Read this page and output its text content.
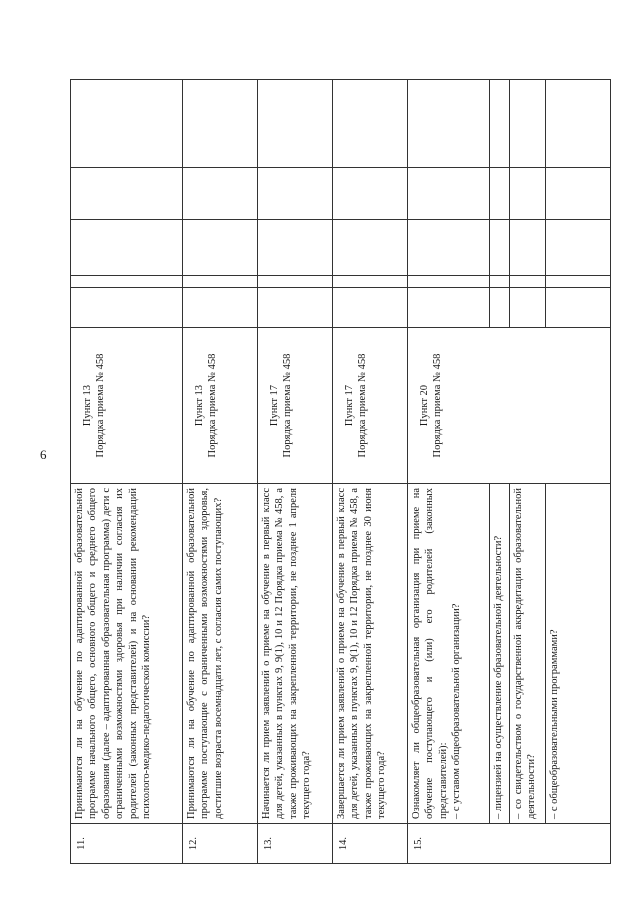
6
11.	Принимаются ли на обучение по адаптированной образовательной программе начального общего, основного общего и среднего общего образования (далее – адаптированная образовательная программа) дети с ограниченными возможностями здоровья при наличии согласия их родителей (законных представителей) и на основании рекомендаций психолого-медико-педагогической комиссии?	Пункт 13 Порядка приема № 458					

12.	Принимаются ли на обучение по адаптированной образовательной программе поступающие с ограниченными возможностями здоровья, достигшие возраста восемнадцати лет, с согласия самих поступающих?	Пункт 13 Порядка приема № 458					

13.	Начинается ли прием заявлений о приеме на обучение в первый класс для детей, указанных в пунктах 9, 9(1), 10 и 12 Порядка приема № 458, а также проживающих на закрепленной территории, не позднее 1 апреля текущего года?	Пункт 17 Порядка приема № 458					

14.	Завершается ли прием заявлений о приеме на обучение в первый класс для детей, указанных в пунктах 9, 9(1), 10 и 12 Порядка приема № 458, а также проживающих на закрепленной территории, не позднее 30 июня текущего года?	Пункт 17 Порядка приема № 458					

15.	Ознакомляет ли общеобразовательная организация при приеме на обучение поступающего и (или) его родителей (законных представителей): – с уставом общеобразовательной организации?	Пункт 20 Порядка приема № 458					

	– лицензией на осуществление образовательной деятельности?						
	– со свидетельством о государственной аккредитации образовательной деятельности?						
	– с общеобразовательными программами?						
